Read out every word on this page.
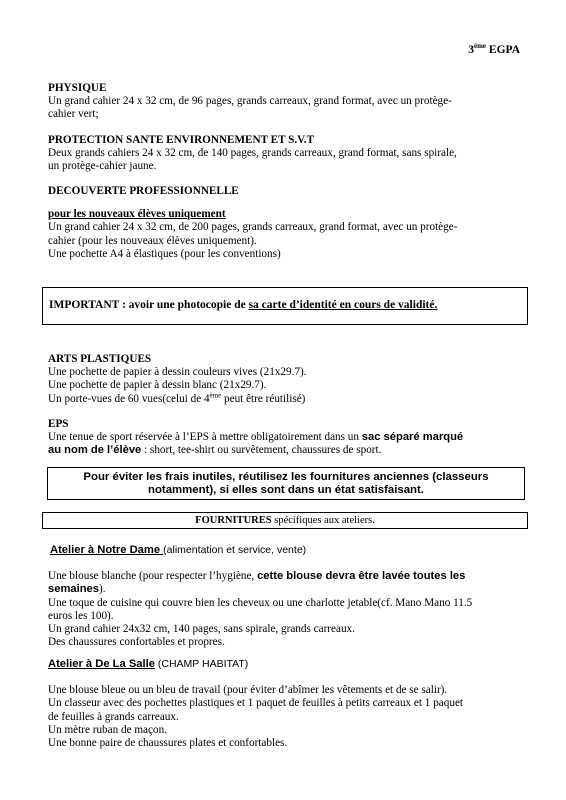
3ème EGPA

PHYSIQUE

Un grand cahier 24 x 32 cm, de 96 pages, grands carreaux, grand format, avec un protège-

cahier vert;

PROTECTION SANTE ENVIRONNEMENT ET S.V.T

Deux grands cahiers 24 x 32 cm, de 140 pages, grands carreaux, grand format, sans spirale,

un protège-cahier jaune.

DECOUVERTE PROFESSIONNELLE

pour les nouveaux élèves uniquement

Un grand cahier 24 x 32 cm, de 200 pages, grands carreaux, grand format, avec un protège-

cahier (pour les nouveaux élèves uniquement).

Une pochette A4 à élastiques (pour les conventions)

IMPORTANT : avoir une photocopie de sa carte d’identité en cours de validité.

ARTS PLASTIQUES

Une pochette de papier à dessin couleurs vives (21x29.7).

Une pochette de papier à dessin blanc (21x29.7).

Un porte-vues de 60 vues(celui de 4ème peut être réutilisé)

EPS

Une tenue de sport réservée à l’EPS à mettre obligatoirement dans un sac séparé marqué

au nom de l’élève : short, tee-shirt ou survêtement, chaussures de sport.

Pour éviter les frais inutiles, réutilisez les fournitures anciennes (classeurs
notamment), si elles sont dans un état satisfaisant.

FOURNITURES spécifiques aux ateliers.

Atelier à Notre Dame (alimentation et service, vente)

Une blouse blanche (pour respecter l’hygiène, cette blouse devra être lavée toutes les

semaines).

Une toque de cuisine qui couvre bien les cheveux ou une charlotte jetable(cf. Mano Mano 11.5

euros les 100).

Un grand cahier 24x32 cm, 140 pages, sans spirale, grands carreaux.

Des chaussures confortables et propres.

Atelier à De La Salle (CHAMP HABITAT)

Une blouse bleue ou un bleu de travail (pour éviter d’abîmer les vêtements et de se salir).

Un classeur avec des pochettes plastiques et 1 paquet de feuilles à petits carreaux et 1 paquet

de feuilles à grands carreaux.

Un mètre ruban de maçon.

Une bonne paire de chaussures plates et confortables.
